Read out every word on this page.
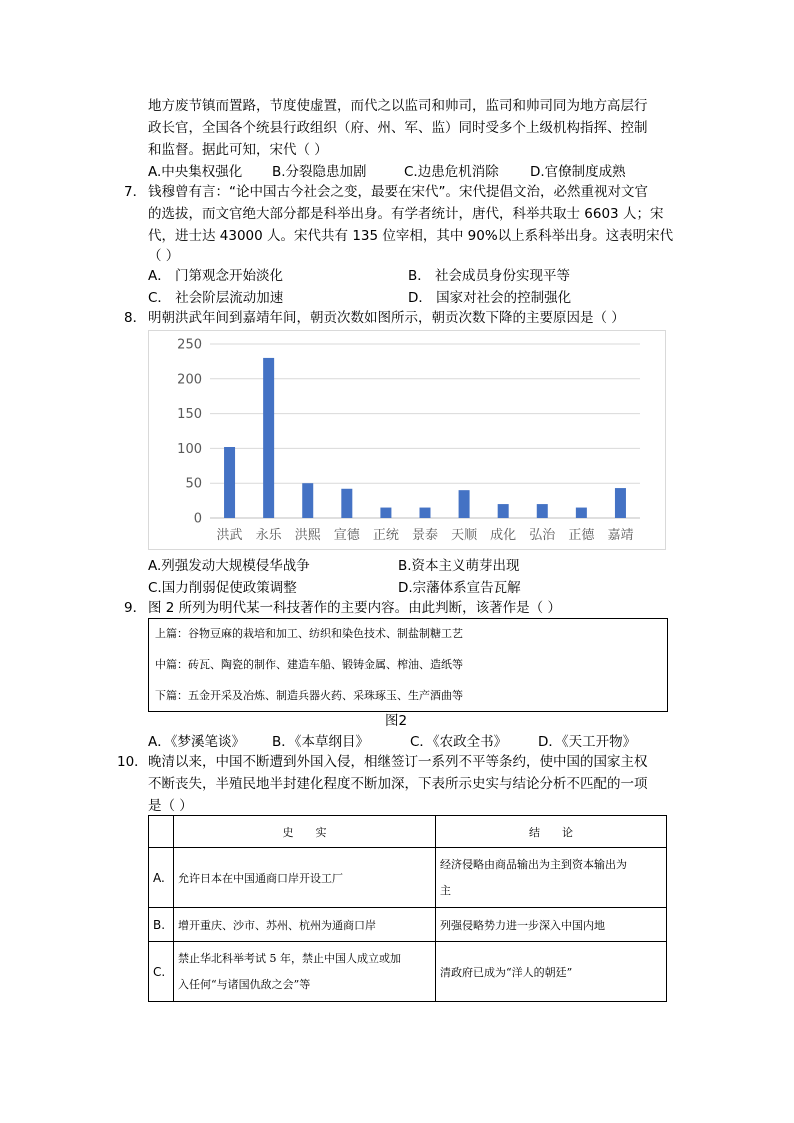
地方废节镇而置路，节度使虚置，而代之以监司和帅司，监司和帅司同为地方高层行
政长官，全国各个统县行政组织（府、州、军、监）同时受多个上级机构指挥、控制
和监督。据此可知，宋代（ ）
A.中央集权强化 B.分裂隐患加剧	C.边患危机消除 D.官僚制度成熟
7． 钱穆曾有言：“论中国古今社会之变，最要在宋代”。宋代提倡文治，必然重视对文官
的选拔，而文官绝大部分都是科举出身。有学者统计，唐代，科举共取士 6603 人；宋
代，进士达 43000 人。宋代共有 135 位宰相，其中 90%以上系科举出身。这表明宋代
（ ）
A． 门第观念开始淡化	B． 社会成员身份实现平等
C． 社会阶层流动加速	D． 国家对社会的控制强化
8． 明朝洪武年间到嘉靖年间，朝贡次数如图所示，朝贡次数下降的主要原因是（ ）
0
50
100
150
200
250
洪武 永乐 洪熙 宣德 正统 景泰 天顺 成化 弘治 正德 嘉靖
A.列强发动大规模侵华战争	B.资本主义萌芽出现
C.国力削弱促使政策调整	D.宗藩体系宣告瓦解
9． 图 2 所列为明代某一科技著作的主要内容。由此判断，该著作是（ ）
上篇：谷物豆麻的栽培和加工、纺织和染色技术、制盐制糖工艺
中篇：砖瓦、陶瓷的制作、建造车船、锻铸金属、榨油、造纸等
下篇：五金开采及冶炼、制造兵器火药、采珠琢玉、生产酒曲等
图2
A．《梦溪笔谈》 B．《本草纲目》	C．《农政全书》 D．《天工开物》
10． 晚清以来，中国不断遭到外国入侵，相继签订一系列不平等条约，使中国的国家主权
不断丧失，半殖民地半封建化程度不断加深，下表所示史实与结论分析不匹配的一项
是（ ）
	史　　实	结　　论
A.	允许日本在中国通商口岸开设工厂	经济侵略由商品输出为主到资本输出为
主
B.	增开重庆、沙市、苏州、杭州为通商口岸	列强侵略势力进一步深入中国内地
C.	禁止华北科举考试 5 年，禁止中国人成立或加
入任何“与诸国仇敌之会”等	清政府已成为“洋人的朝廷”
